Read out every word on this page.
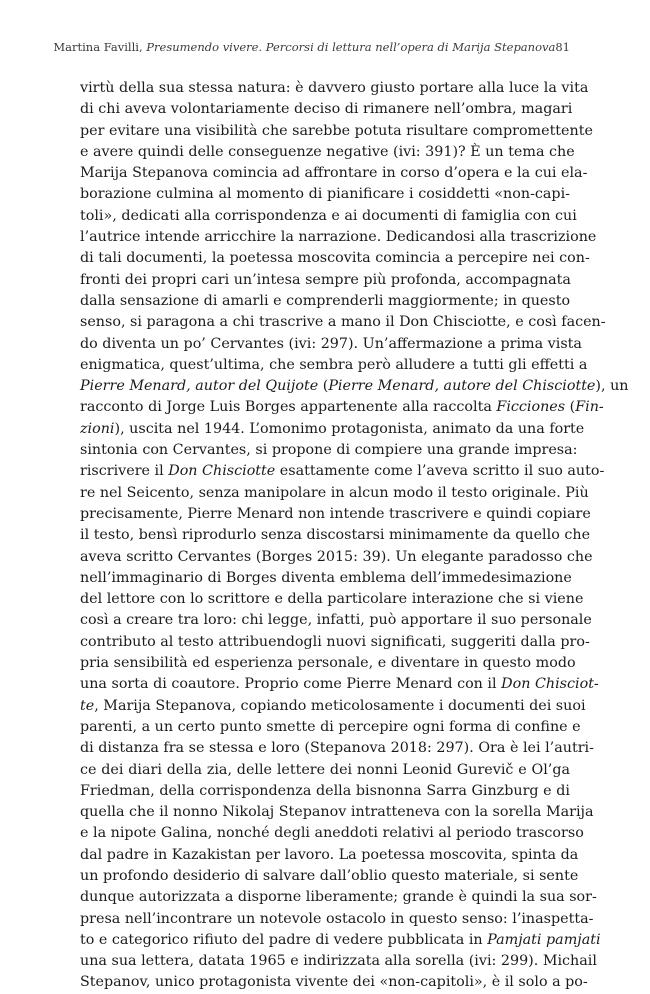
Martina Favilli,
Presumendo vivere. Percorsi di lettura nell’opera di Marija Stepanova 81
virtù della sua stessa natura: è davvero giusto portare alla luce la vita
di chi aveva volontariamente deciso di rimanere nell’ombra, magari
per evitare una visibilità che sarebbe potuta risultare compromettente
e avere quindi delle conseguenze negative (ivi: 391)? È un tema che
Marija Stepanova comincia ad affrontare in corso d’opera e la cui ela-
borazione culmina al momento di pianificare i cosiddetti «non-capi-
toli», dedicati alla corrispondenza e ai documenti di famiglia con cui
l’autrice intende arricchire la narrazione. Dedicandosi alla trascrizione
di tali documenti, la poetessa moscovita comincia a percepire nei con-
fronti dei propri cari un’intesa sempre più profonda, accompagnata
dalla sensazione di amarli e comprenderli maggiormente; in questo
senso, si paragona a chi trascrive a mano il Don Chisciotte, e così facen-
do diventa un po’ Cervantes (ivi: 297). Un’affermazione a prima vista
enigmatica, quest’ultima, che sembra però alludere a tutti gli effetti a
Pierre Menard, autor del Quijote (Pierre Menard, autore del Chisciotte), un
racconto di Jorge Luis Borges appartenente alla raccolta Ficciones (Fin-
zioni), uscita nel 1944. L’omonimo protagonista, animato da una forte
sintonia con Cervantes, si propone di compiere una grande impresa:
riscrivere il Don Chisciotte esattamente come l’aveva scritto il suo auto-
re nel Seicento, senza manipolare in alcun modo il testo originale. Più
precisamente, Pierre Menard non intende trascrivere e quindi copiare
il testo, bensì riprodurlo senza discostarsi minimamente da quello che
aveva scritto Cervantes (Borges 2015: 39). Un elegante paradosso che
nell’immaginario di Borges diventa emblema dell’immedesimazione
del lettore con lo scrittore e della particolare interazione che si viene
così a creare tra loro: chi legge, infatti, può apportare il suo personale
contributo al testo attribuendogli nuovi significati, suggeriti dalla pro-
pria sensibilità ed esperienza personale, e diventare in questo modo
una sorta di coautore. Proprio come Pierre Menard con il Don Chisciot-
te, Marija Stepanova, copiando meticolosamente i documenti dei suoi
parenti, a un certo punto smette di percepire ogni forma di confine e
di distanza fra se stessa e loro (Stepanova 2018: 297). Ora è lei l’autri-
ce dei diari della zia, delle lettere dei nonni Leonid Gurevič e Ol’ga
Friedman, della corrispondenza della bisnonna Sarra Ginzburg e di
quella che il nonno Nikolaj Stepanov intratteneva con la sorella Marija
e la nipote Galina, nonché degli aneddoti relativi al periodo trascorso
dal padre in Kazakistan per lavoro. La poetessa moscovita, spinta da
un profondo desiderio di salvare dall’oblio questo materiale, si sente
dunque autorizzata a disporne liberamente; grande è quindi la sua sor-
presa nell’incontrare un notevole ostacolo in questo senso: l’inaspetta-
to e categorico rifiuto del padre di vedere pubblicata in Pamjati pamjati
una sua lettera, datata 1965 e indirizzata alla sorella (ivi: 299). Michail
Stepanov, unico protagonista vivente dei «non-capitoli», è il solo a po-
